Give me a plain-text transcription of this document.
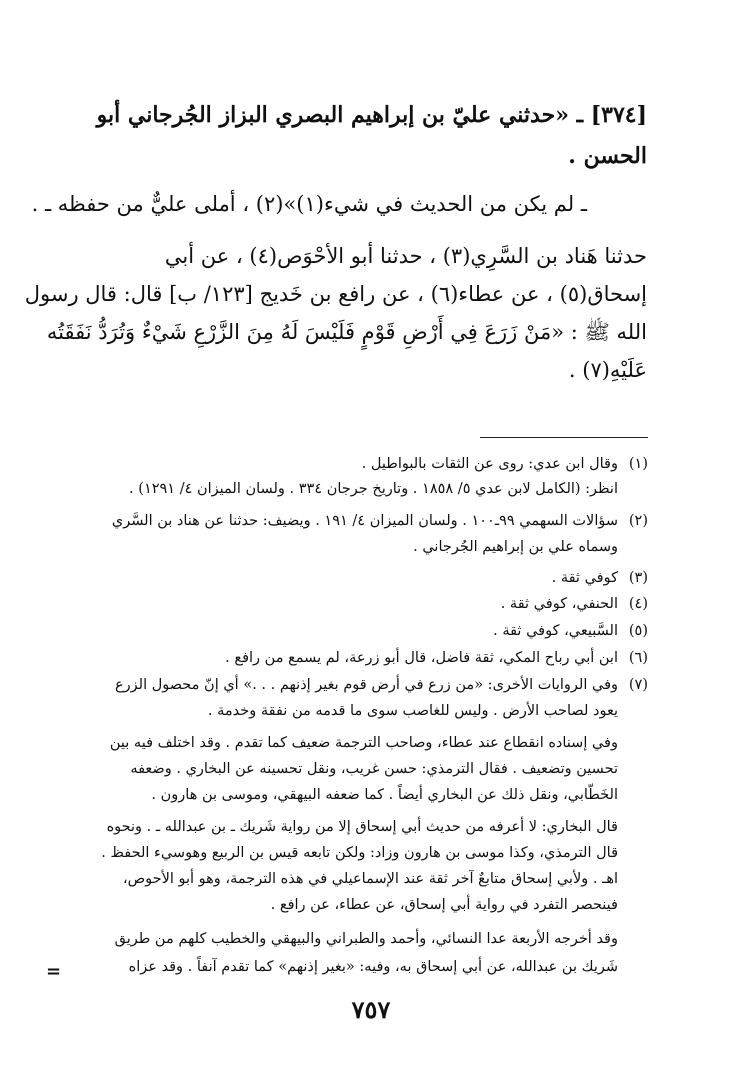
[٣٧٤] ـ «حدثني عليّ بن إبراهيم البصري البزاز الجُرجاني أبو
الحسن .
ـ لم يكن من الحديث في شيء(١)»(٢) ، أملى عليٌّ من حفظه ـ .
حدثنا هَناد بن السَّرِي(٣) ، حدثنا أبو الأحْوَص(٤) ، عن أبي
إسحاق(٥) ، عن عطاء(٦) ، عن رافع بن خَديج [١٢٣/ ب] قال: قال رسول
الله ﷺ : «مَنْ زَرَعَ فِي أَرْضِ قَوْمٍ فَلَيْسَ لَهُ مِنَ الزَّرْعِ شَيْءٌ وَتُرَدُّ نَفَقَتُه
عَلَيْهِ(٧) .
(١)وقال ابن عدي: روى عن الثقات بالبواطيل .
انظر: (الكامل لابن عدي ٥/ ١٨٥٨ . وتاريخ جرجان ٣٣٤ . ولسان الميزان ٤/ ١٢٩١) .
(٢)سؤالات السهمي ٩٩ـ١٠٠ . ولسان الميزان ٤/ ١٩١ . ويضيف: حدثنا عن هناد بن السَّري
وسماه علي بن إبراهيم الجُرجاني .
(٣)كوفي ثقة .
(٤)الحنفي، كوفي ثقة .
(٥)السَّبيعي، كوفي ثقة .
(٦)ابن أبي رباح المكي، ثقة فاضل، قال أبو زرعة، لم يسمع من رافع .
(٧)وفي الروايات الأخرى: «من زرع في أرض قوم بغير إذنهم . . .» أي إنّ محصول الزرع
يعود لصاحب الأرض . وليس للغاصب سوى ما قدمه من نفقة وخدمة .
وفي إسناده انقطاع عند عطاء، وصاحب الترجمة ضعيف كما تقدم . وقد اختلف فيه بين
تحسين وتضعيف . فقال الترمذي: حسن غريب، ونقل تحسينه عن البخاري . وضعفه
الخَطّابي، ونقل ذلك عن البخاري أيضاً . كما ضعفه البيهقي، وموسى بن هارون .
قال البخاري: لا أعرفه من حديث أبي إسحاق إلا من رواية شَريك ـ بن عبدالله ـ . ونحوه
قال الترمذي، وكذا موسى بن هارون وزاد: ولكن تابعه قيس بن الربيع وهوسيء الحفظ .
اهـ . ولأبي إسحاق متابعٌ آخر ثقة عند الإسماعيلي في هذه الترجمة، وهو أبو الأحوص،
فينحصر التفرد في رواية أبي إسحاق، عن عطاء، عن رافع .
وقد أخرجه الأربعة عدا النسائي، وأحمد والطبراني والبيهقي والخطيب كلهم من طريق
شَريك بن عبدالله، عن أبي إسحاق به، وفيه: «بغير إذنهم» كما تقدم آنفاً . وقد عزاه
=
٧٥٧
